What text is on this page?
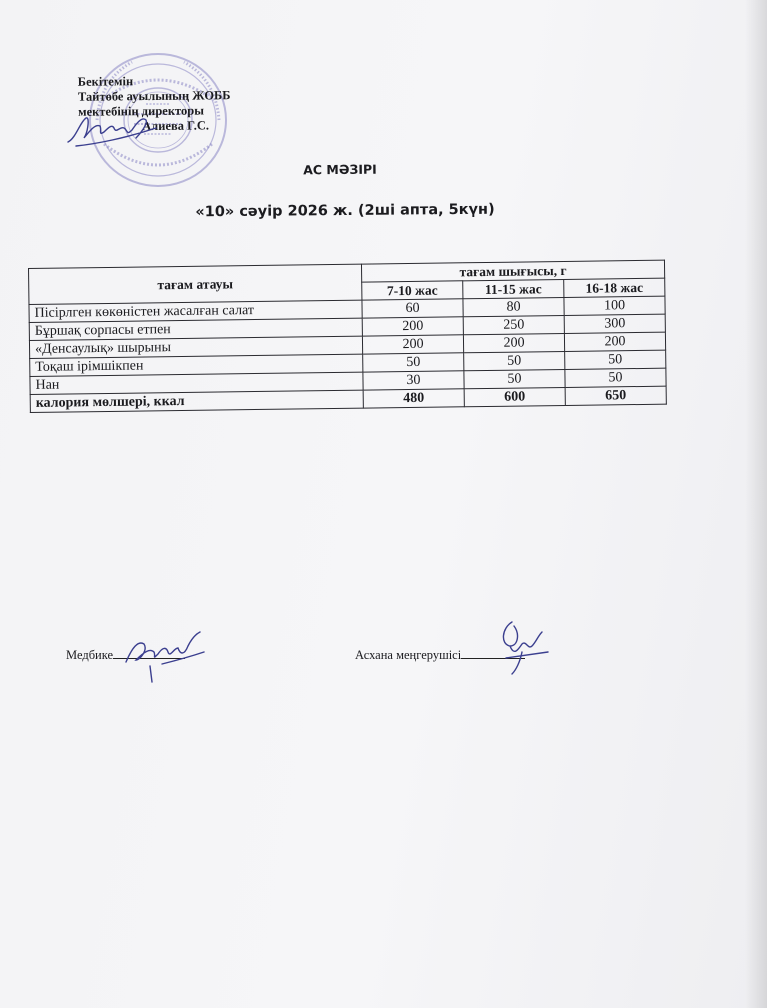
Бекітемін
Тайтөбе ауылының ЖОББ
мектебінің директоры
Алиева Г.С.
АС МӘЗІРІ
«10» сәуір 2026 ж. (2ші апта, 5күн)
тағам атауы	тағам шығысы, г		
	7-10 жас	11-15 жас	16-18 жас
Пісірлген көкөністен жасалған салат	60	80	100
Бұршақ сорпасы етпен	200	250	300
«Денсаулық» шырыны	200	200	200
Тоқаш ірімшікпен	50	50	50
Нан	30	50	50
калория мөлшері, ккал	480	600	650
Медбике	Асхана меңгерушісі
